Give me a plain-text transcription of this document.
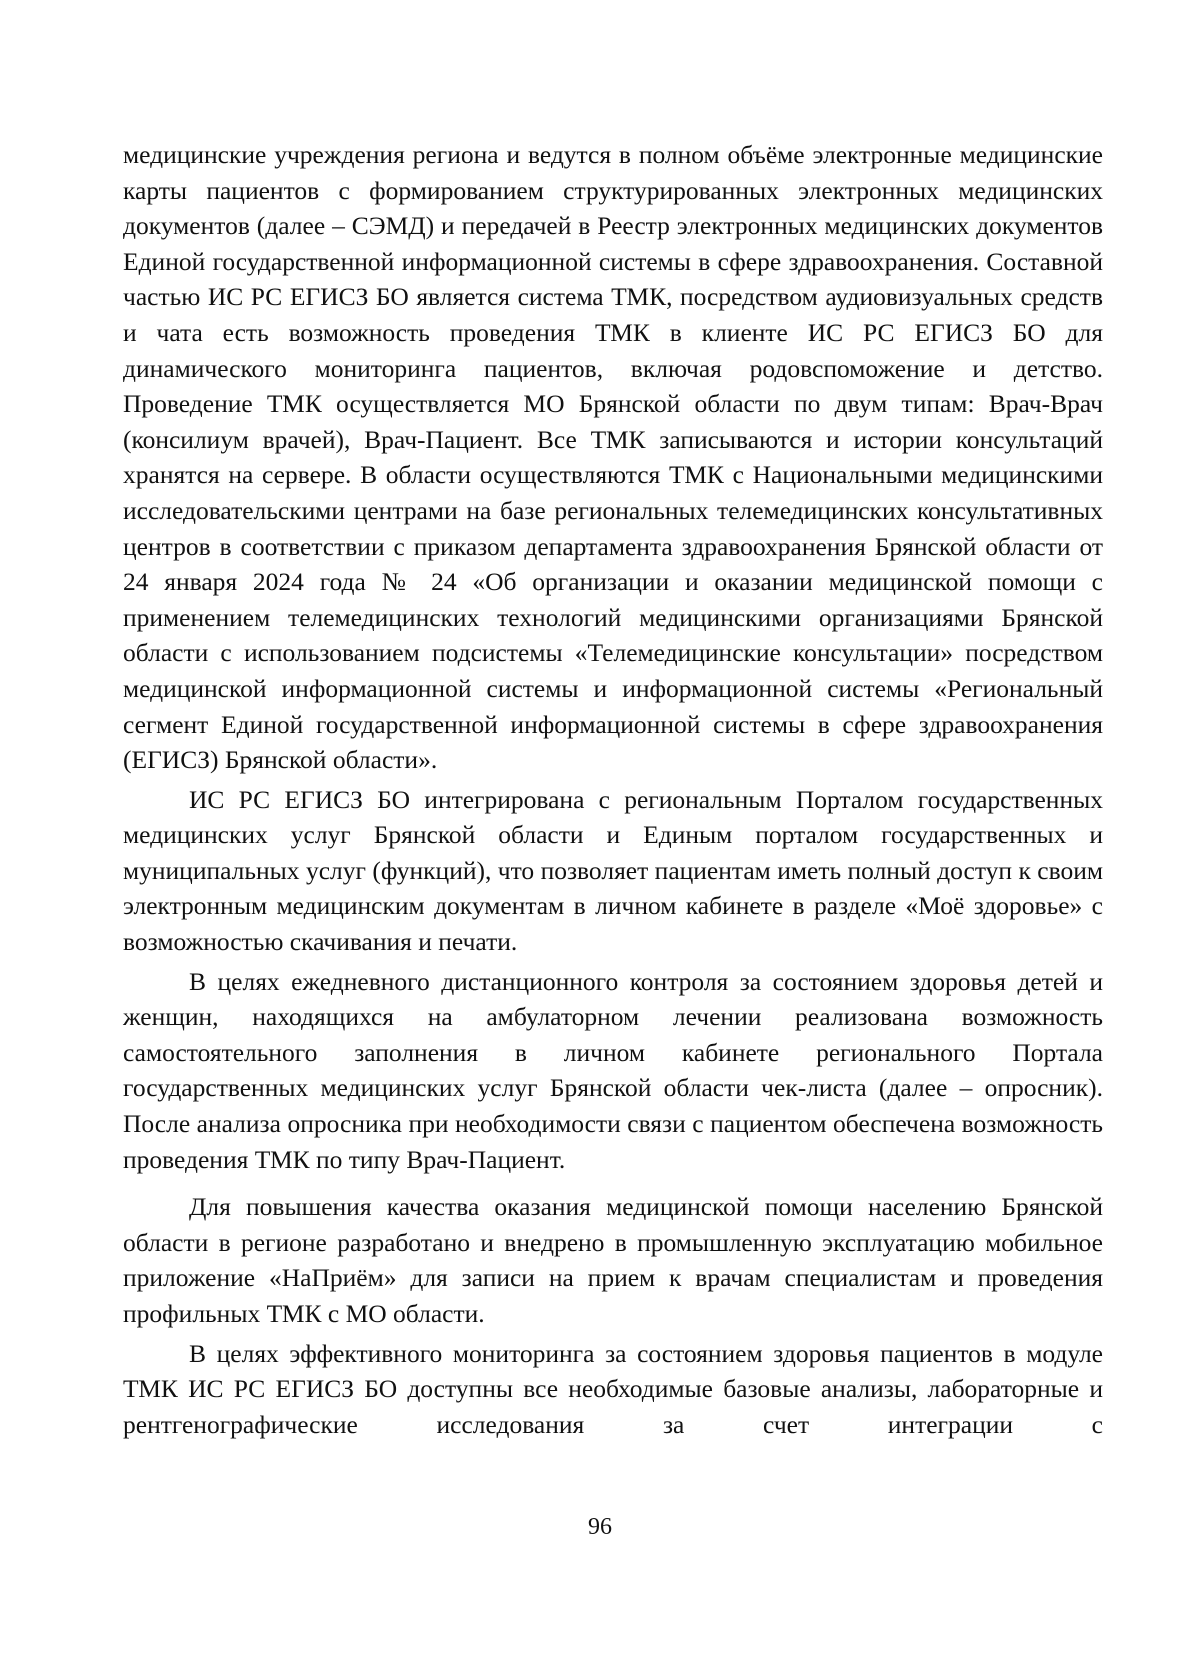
медицинские учреждения региона и ведутся в полном объёме электронные медицинские карты пациентов с формированием структурированных электронных медицинских документов (далее – СЭМД) и передачей в Реестр электронных медицинских документов Единой государственной информационной системы в сфере здравоохранения. Составной частью ИС РС ЕГИСЗ БО является система ТМК, посредством аудиовизуальных средств и чата есть возможность проведения ТМК в клиенте ИС РС ЕГИСЗ БО для динамического мониторинга пациентов, включая родовспоможение и детство. Проведение ТМК осуществляется МО Брянской области по двум типам: Врач-Врач (консилиум врачей), Врач-Пациент. Все ТМК записываются и истории консультаций хранятся на сервере. В области осуществляются ТМК с Национальными медицинскими исследовательскими центрами на базе региональных телемедицинских консультативных центров в соответствии с приказом департамента здравоохранения Брянской области от 24 января 2024 года № 24 «Об организации и оказании медицинской помощи с применением телемедицинских технологий медицинскими организациями Брянской области с использованием подсистемы «Телемедицинские консультации» посредством медицинской информационной системы и информационной системы «Региональный сегмент Единой государственной информационной системы в сфере здравоохранения (ЕГИСЗ) Брянской области».

ИС РС ЕГИСЗ БО интегрирована с региональным Порталом государственных медицинских услуг Брянской области и Единым порталом государственных и муниципальных услуг (функций), что позволяет пациентам иметь полный доступ к своим электронным медицинским документам в личном кабинете в разделе «Моё здоровье» с возможностью скачивания и печати.

В целях ежедневного дистанционного контроля за состоянием здоровья детей и женщин, находящихся на амбулаторном лечении реализована возможность самостоятельного заполнения в личном кабинете регионального Портала государственных медицинских услуг Брянской области чек-листа (далее – опросник). После анализа опросника при необходимости связи с пациентом обеспечена возможность проведения ТМК по типу Врач-Пациент.

Для повышения качества оказания медицинской помощи населению Брянской области в регионе разработано и внедрено в промышленную эксплуатацию мобильное приложение «НаПриём» для записи на прием к врачам специалистам и проведения профильных ТМК с МО области.

В целях эффективного мониторинга за состоянием здоровья пациентов в модуле ТМК ИС РС ЕГИСЗ БО доступны все необходимые базовые анализы, лабораторные и рентгенографические исследования за счет интеграции с

96
